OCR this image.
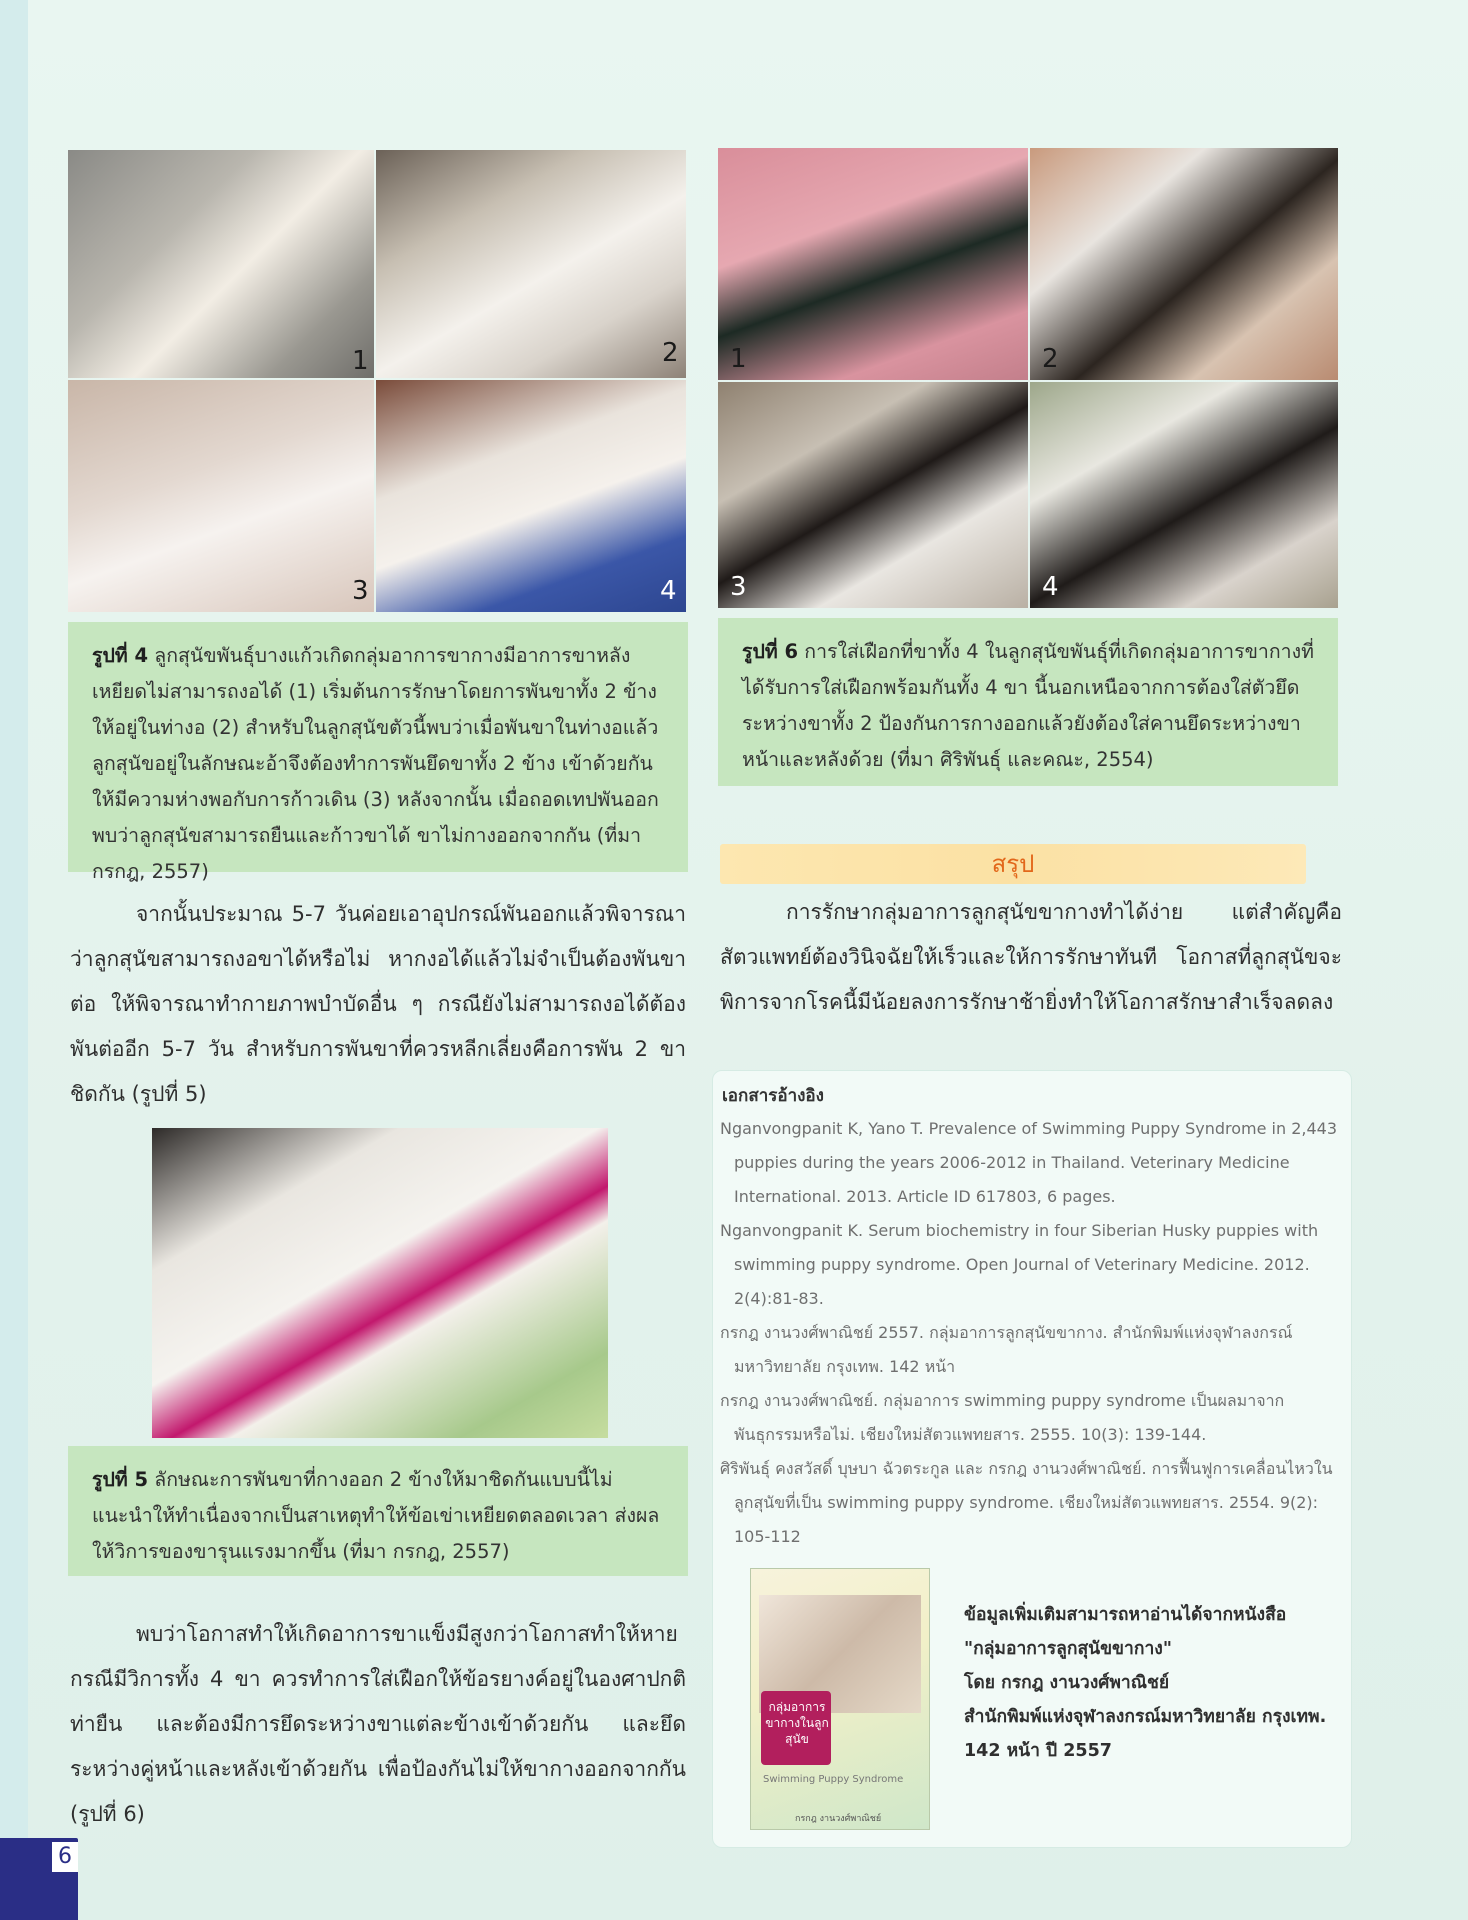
6
1	2
3	4
รูปที่ 4 ลูกสุนัขพันธุ์บางแก้วเกิดกลุ่มอาการขากางมีอาการขาหลังเหยียดไม่สามารถงอได้ (1) เริ่มต้นการรักษาโดยการพันขาทั้ง 2 ข้าง ให้อยู่ในท่างอ (2) สำหรับในลูกสุนัขตัวนี้พบว่าเมื่อพันขาในท่างอแล้ว ลูกสุนัขอยู่ในลักษณะอ้าจึงต้องทำการพันยึดขาทั้ง 2 ข้าง เข้าด้วยกัน ให้มีความห่างพอกับการก้าวเดิน (3) หลังจากนั้น เมื่อถอดเทปพันออกพบว่าลูกสุนัขสามารถยืนและก้าวขาได้ ขาไม่กางออกจากกัน (ที่มา กรกฎ, 2557)
1	2
3	4
รูปที่ 6 การใส่เฝือกที่ขาทั้ง 4 ในลูกสุนัขพันธุ์ที่เกิดกลุ่มอาการขากางที่ได้รับการใส่เฝือกพร้อมกันทั้ง 4 ขา นี้นอกเหนือจากการต้องใส่ตัวยึดระหว่างขาทั้ง 2 ป้องกันการกางออกแล้วยังต้องใส่คานยึดระหว่างขาหน้าและหลังด้วย (ที่มา ศิริพันธุ์ และคณะ, 2554)
จากนั้นประมาณ 5-7 วันค่อยเอาอุปกรณ์พันออกแล้วพิจารณาว่าลูกสุนัขสามารถงอขาได้หรือไม่ หากงอได้แล้วไม่จำเป็นต้องพันขาต่อ ให้พิจารณาทำกายภาพบำบัดอื่น ๆ กรณียังไม่สามารถงอได้ต้องพันต่ออีก 5-7 วัน สำหรับการพันขาที่ควรหลีกเลี่ยงคือการพัน 2 ขาชิดกัน (รูปที่ 5)
รูปที่ 5 ลักษณะการพันขาที่กางออก 2 ข้างให้มาชิดกันแบบนี้ไม่แนะนำให้ทำเนื่องจากเป็นสาเหตุทำให้ข้อเข่าเหยียดตลอดเวลา ส่งผลให้วิการของขารุนแรงมากขึ้น (ที่มา กรกฎ, 2557)
พบว่าโอกาสทำให้เกิดอาการขาแข็งมีสูงกว่าโอกาสทำให้หายกรณีมีวิการทั้ง 4 ขา ควรทำการใส่เฝือกให้ข้อรยางค์อยู่ในองศาปกติท่ายืน และต้องมีการยึดระหว่างขาแต่ละข้างเข้าด้วยกัน และยึดระหว่างคู่หน้าและหลังเข้าด้วยกัน เพื่อป้องกันไม่ให้ขากางออกจากกัน (รูปที่ 6)
สรุป
การรักษากลุ่มอาการลูกสุนัขขากางทำได้ง่าย แต่สำคัญคือสัตวแพทย์ต้องวินิจฉัยให้เร็วและให้การรักษาทันที โอกาสที่ลูกสุนัขจะพิการจากโรคนี้มีน้อยลงการรักษาช้ายิ่งทำให้โอกาสรักษาสำเร็จลดลง
เอกสารอ้างอิง
Nganvongpanit K, Yano T. Prevalence of Swimming Puppy Syndrome in 2,443 puppies during the years 2006-2012 in Thailand. Veterinary Medicine International. 2013. Article ID 617803, 6 pages.
Nganvongpanit K. Serum biochemistry in four Siberian Husky puppies with swimming puppy syndrome. Open Journal of Veterinary Medicine. 2012. 2(4):81-83.
กรกฎ งานวงศ์พาณิชย์ 2557. กลุ่มอาการลูกสุนัขขากาง. สำนักพิมพ์แห่งจุฬาลงกรณ์มหาวิทยาลัย กรุงเทพ. 142 หน้า
กรกฎ งานวงศ์พาณิชย์. กลุ่มอาการ swimming puppy syndrome เป็นผลมาจากพันธุกรรมหรือไม่. เชียงใหม่สัตวแพทยสาร. 2555. 10(3): 139-144.
ศิริพันธุ์ คงสวัสดิ์ บุษบา ฉัวตระกูล และ กรกฎ งานวงศ์พาณิชย์. การฟื้นฟูการเคลื่อนไหวในลูกสุนัขที่เป็น swimming puppy syndrome. เชียงใหม่สัตวแพทยสาร. 2554. 9(2): 105-112
กลุ่มอาการขากางในลูกสุนัข
Swimming Puppy Syndrome
กรกฎ งานวงศ์พาณิชย์
ข้อมูลเพิ่มเติมสามารถหาอ่านได้จากหนังสือ
"กลุ่มอาการลูกสุนัขขากาง"
โดย กรกฎ งานวงศ์พาณิชย์
สำนักพิมพ์แห่งจุฬาลงกรณ์มหาวิทยาลัย กรุงเทพ.
142 หน้า ปี 2557
